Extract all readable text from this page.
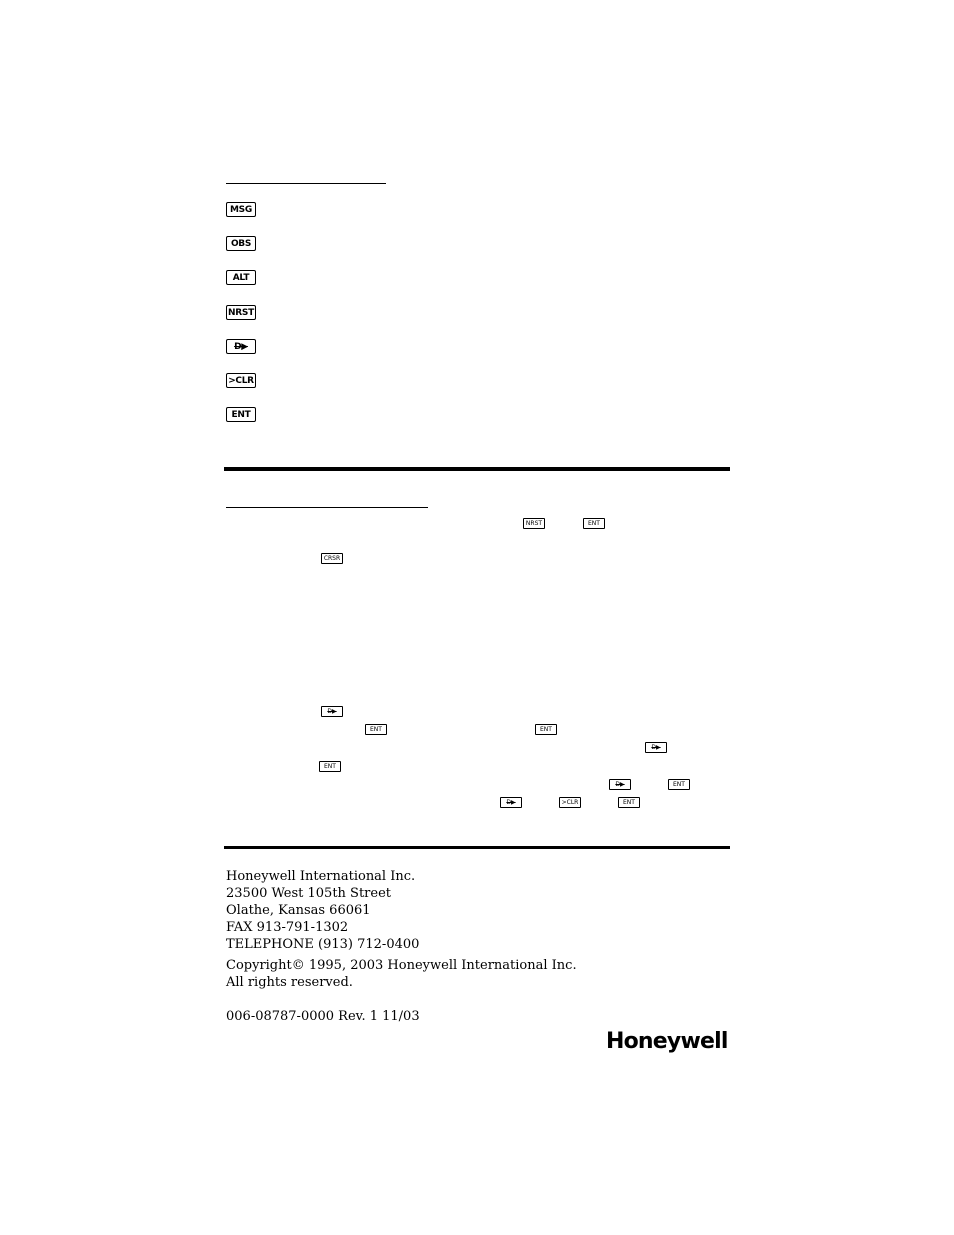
MSG
OBS
ALT
NRST
D▶
>CLR
ENT
NRST	ENT
CRSR
D▶
ENT	ENT
D▶
ENT
D▶	ENT
D▶	>CLR	ENT
Honeywell International Inc.
23500 West 105th Street
Olathe, Kansas 66061
FAX 913-791-1302
TELEPHONE (913) 712-0400
Copyright© 1995, 2003 Honeywell International Inc.
All rights reserved.
006-08787-0000 Rev. 1 11/03
Honeywell
